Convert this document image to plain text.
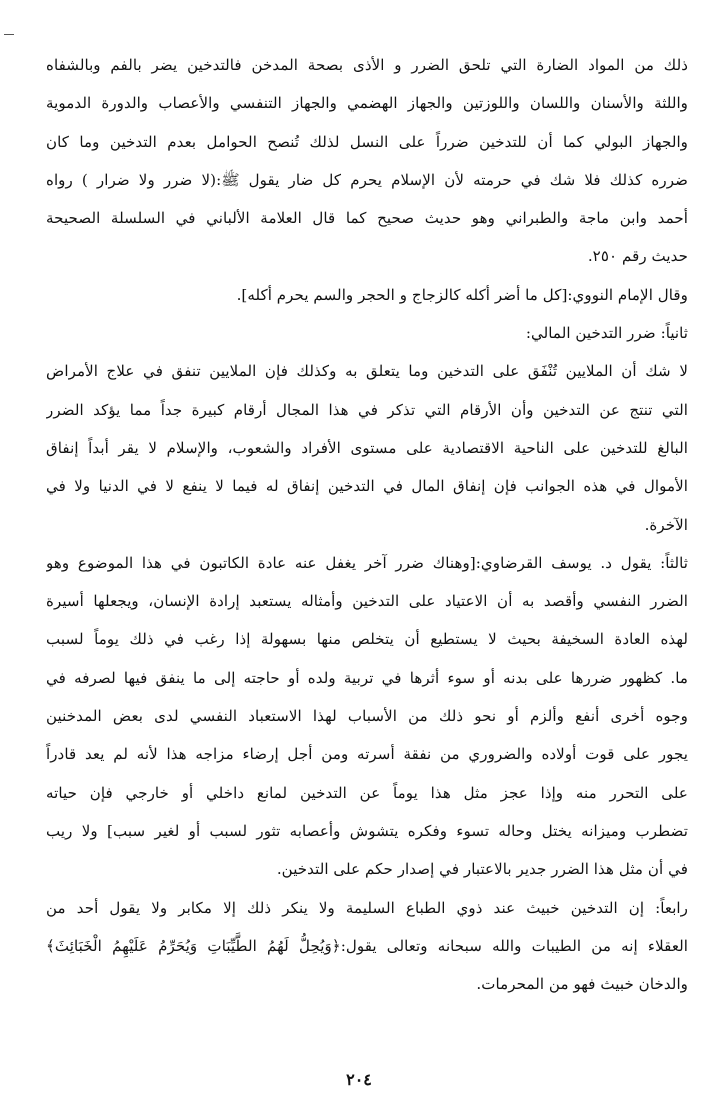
ذلك من المواد الضارة التي تلحق الضرر و الأذى بصحة المدخن فالتدخين يضر بالفم وبالشفاه
واللثة والأسنان واللسان واللوزتين والجهاز الهضمي والجهاز التنفسي والأعصاب والدورة الدموية
والجهاز البولي كما أن للتدخين ضرراً على النسل لذلك تُنصح الحوامل بعدم التدخين وما كان
ضرره كذلك فلا شك في حرمته لأن الإسلام يحرم كل ضار يقول ﷺ:(لا ضرر ولا ضرار ) رواه
أحمد وابن ماجة والطبراني وهو حديث صحيح كما قال العلامة الألباني في السلسلة الصحيحة
حديث رقم ٢٥٠.
وقال الإمام النووي:[كل ما أضر أكله كالزجاج و الحجر والسم يحرم أكله].
ثانياً: ضرر التدخين المالي:
لا شك أن الملايين تُنْفَق على التدخين وما يتعلق به وكذلك فإن الملايين تنفق في علاج الأمراض
التي تنتج عن التدخين وأن الأرقام التي تذكر في هذا المجال أرقام كبيرة جداً مما يؤكد الضرر
البالغ للتدخين على الناحية الاقتصادية على مستوى الأفراد والشعوب، والإسلام لا يقر أبداً إنفاق
الأموال في هذه الجوانب فإن إنفاق المال في التدخين إنفاق له فيما لا ينفع لا في الدنيا ولا في
الآخرة.
ثالثاً: يقول د. يوسف القرضاوي:[وهناك ضرر آخر يغفل عنه عادة الكاتبون في هذا الموضوع وهو
الضرر النفسي وأقصد به أن الاعتياد على التدخين وأمثاله يستعبد إرادة الإنسان، ويجعلها أسيرة
لهذه العادة السخيفة بحيث لا يستطيع أن يتخلص منها بسهولة إذا رغب في ذلك يوماً لسبب
ما. كظهور ضررها على بدنه أو سوء أثرها في تربية ولده أو حاجته إلى ما ينفق فيها لصرفه في
وجوه أخرى أنفع وألزم أو نحو ذلك من الأسباب لهذا الاستعباد النفسي لدى بعض المدخنين
يجور على قوت أولاده والضروري من نفقة أسرته ومن أجل إرضاء مزاجه هذا لأنه لم يعد قادراً
على التحرر منه وإذا عجز مثل هذا يوماً عن التدخين لمانع داخلي أو خارجي فإن حياته
تضطرب وميزانه يختل وحاله تسوء وفكره يتشوش وأعصابه تثور لسبب أو لغير سبب] ولا ريب
في أن مثل هذا الضرر جدير بالاعتبار في إصدار حكم على التدخين.
رابعاً: إن التدخين خبيث عند ذوي الطباع السليمة ولا ينكر ذلك إلا مكابر ولا يقول أحد من
العقلاء إنه من الطيبات والله سبحانه وتعالى يقول:﴿وَيُحِلُّ لَهُمُ الطَّيِّبَاتِ وَيُحَرِّمُ عَلَيْهِمُ الْخَبَائِثَ﴾
والدخان خبيث فهو من المحرمات.
٢٠٤
